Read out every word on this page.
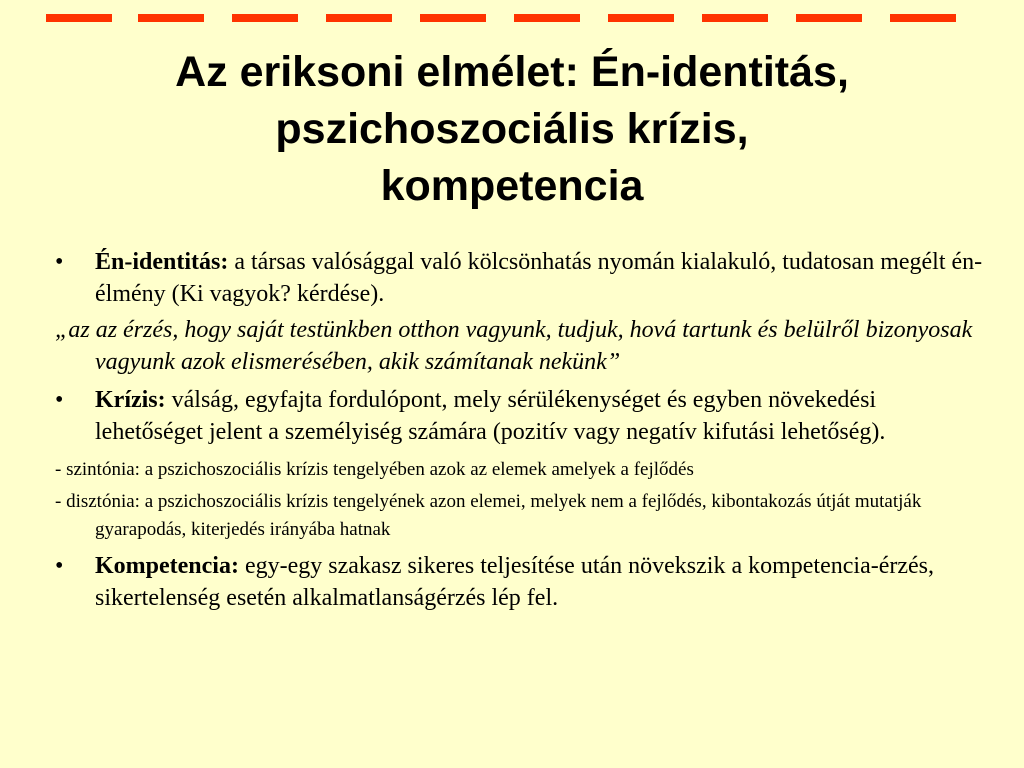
Az eriksoni elmélet: Én-identitás,
pszichoszociális krízis,
kompetencia
• Én-identitás: a társas valósággal való kölcsönhatás nyomán kialakuló, tudatosan megélt én-élmény (Ki vagyok? kérdése).
„az az érzés, hogy saját testünkben otthon vagyunk, tudjuk, hová tartunk és belülről bizonyosak vagyunk azok elismerésében, akik számítanak nekünk”
• Krízis: válság, egyfajta fordulópont, mely sérülékenységet és egyben növekedési lehetőséget jelent a személyiség számára (pozitív vagy negatív kifutási lehetőség).
- szintónia: a pszichoszociális krízis tengelyében azok az elemek amelyek a fejlődés
- disztónia: a pszichoszociális krízis tengelyének azon elemei, melyek nem a fejlődés, kibontakozás útját mutatják gyarapodás, kiterjedés irányába hatnak
• Kompetencia: egy-egy szakasz sikeres teljesítése után növekszik a kompetencia-érzés, sikertelenség esetén alkalmatlanságérzés lép fel.
